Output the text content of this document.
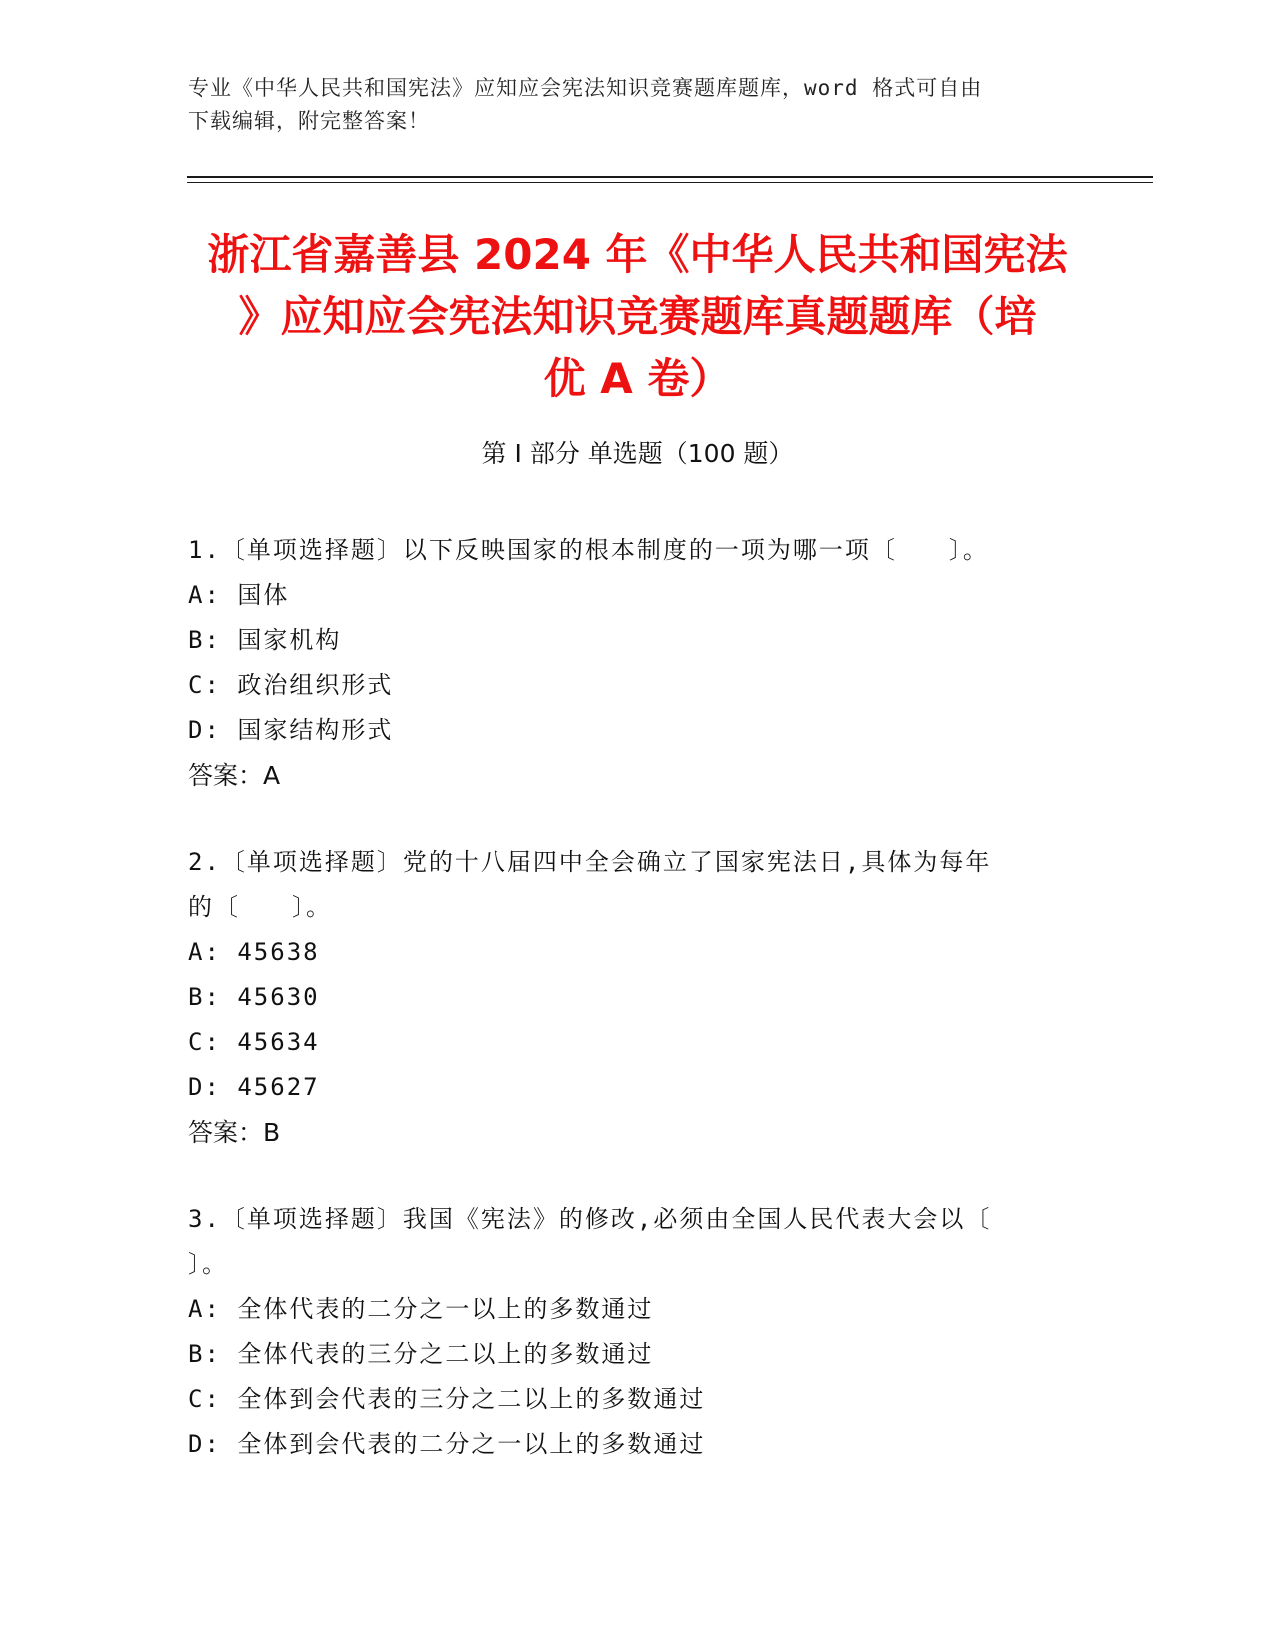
专业《中华人民共和国宪法》应知应会宪法知识竞赛题库题库，word 格式可自由
下载编辑，附完整答案！
浙江省嘉善县 2024 年《中华人民共和国宪法
》应知应会宪法知识竞赛题库真题题库（培
优 A 卷）
第 I 部分 单选题（100 题）
1.〔单项选择题〕以下反映国家的根本制度的一项为哪一项〔　　〕。
A: 国体
B: 国家机构
C: 政治组织形式
D: 国家结构形式
答案：A
2.〔单项选择题〕党的十八届四中全会确立了国家宪法日,具体为每年
的〔　　〕。
A: 45638
B: 45630
C: 45634
D: 45627
答案：B
3.〔单项选择题〕我国《宪法》的修改,必须由全国人民代表大会以〔
〕。
A: 全体代表的二分之一以上的多数通过
B: 全体代表的三分之二以上的多数通过
C: 全体到会代表的三分之二以上的多数通过
D: 全体到会代表的二分之一以上的多数通过
